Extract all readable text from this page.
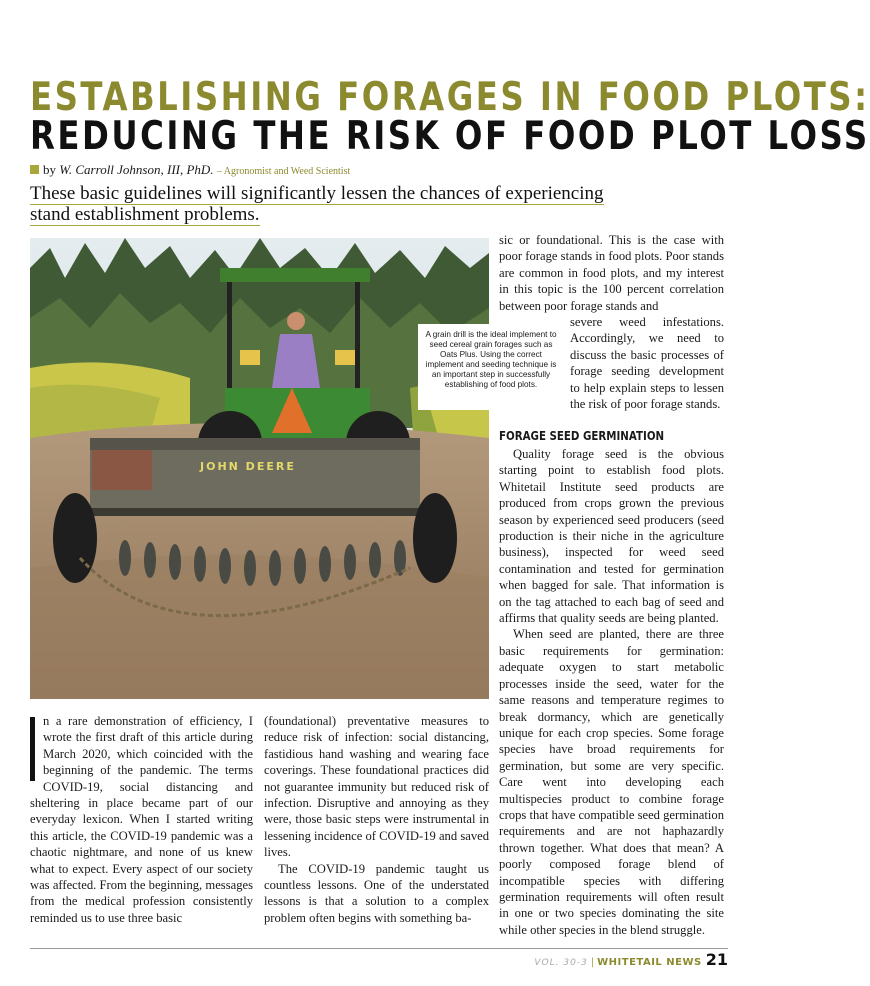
ESTABLISHING FORAGES IN FOOD PLOTS:
REDUCING THE RISK OF FOOD PLOT LOSS
by W. Carroll Johnson, III, PhD. – Agronomist and Weed Scientist
These basic guidelines will significantly lessen the chances of experiencing stand establishment problems.
JOHN DEERE
A grain drill is the ideal implement to seed cereal grain forages such as Oats Plus. Using the correct implement and seeding technique is an important step in successfully establishing of food plots.

sic or foundational. This is the case with poor forage stands in food plots. Poor stands are common in food plots, and my interest in this topic is the 100 percent correlation between poor forage stands and

severe weed infestations. Accordingly, we need to discuss the basic processes of forage seeding development to help explain steps to lessen the risk of poor forage stands.

FORAGE SEED GERMINATION

Quality forage seed is the obvious starting point to establish food plots. Whitetail Institute seed products are produced from crops grown the previous season by experienced seed producers (seed production is their niche in the agriculture business), inspected for weed seed contamination and tested for germination when bagged for sale. That information is on the tag attached to each bag of seed and affirms that quality seeds are being planted.

When seed are planted, there are three basic requirements for germination: adequate oxygen to start metabolic processes inside the seed, water for the same reasons and temperature regimes to break dormancy, which are genetically unique for each crop species. Some forage species have broad requirements for germination, but some are very specific. Care went into developing each multispecies product to combine forage crops that have compatible seed germination requirements and are not haphazardly thrown together. What does that mean? A poorly composed forage blend of incompatible species with differing germination requirements will often result in one or two species dominating the site while other species in the blend struggle.

n a rare demonstration of efficiency, I wrote the first draft of this article during March 2020, which coincided with the beginning of the pandemic. The terms COVID-19, social distancing and sheltering in place became part of our everyday lexicon. When I started writing this article, the COVID-19 pandemic was a chaotic nightmare, and none of us knew what to expect. Every aspect of our society was affected. From the beginning, messages from the medical profession consistently reminded us to use three basic

(foundational) preventative measures to reduce risk of infection: social distancing, fastidious hand washing and wearing face coverings. These foundational practices did not guarantee immunity but reduced risk of infection. Disruptive and annoying as they were, those basic steps were instrumental in lessening incidence of COVID-19 and saved lives.

The COVID-19 pandemic taught us countless lessons. One of the understated lessons is that a solution to a complex problem often begins with something ba-

VOL. 30-3 | WHITETAIL NEWS 21
